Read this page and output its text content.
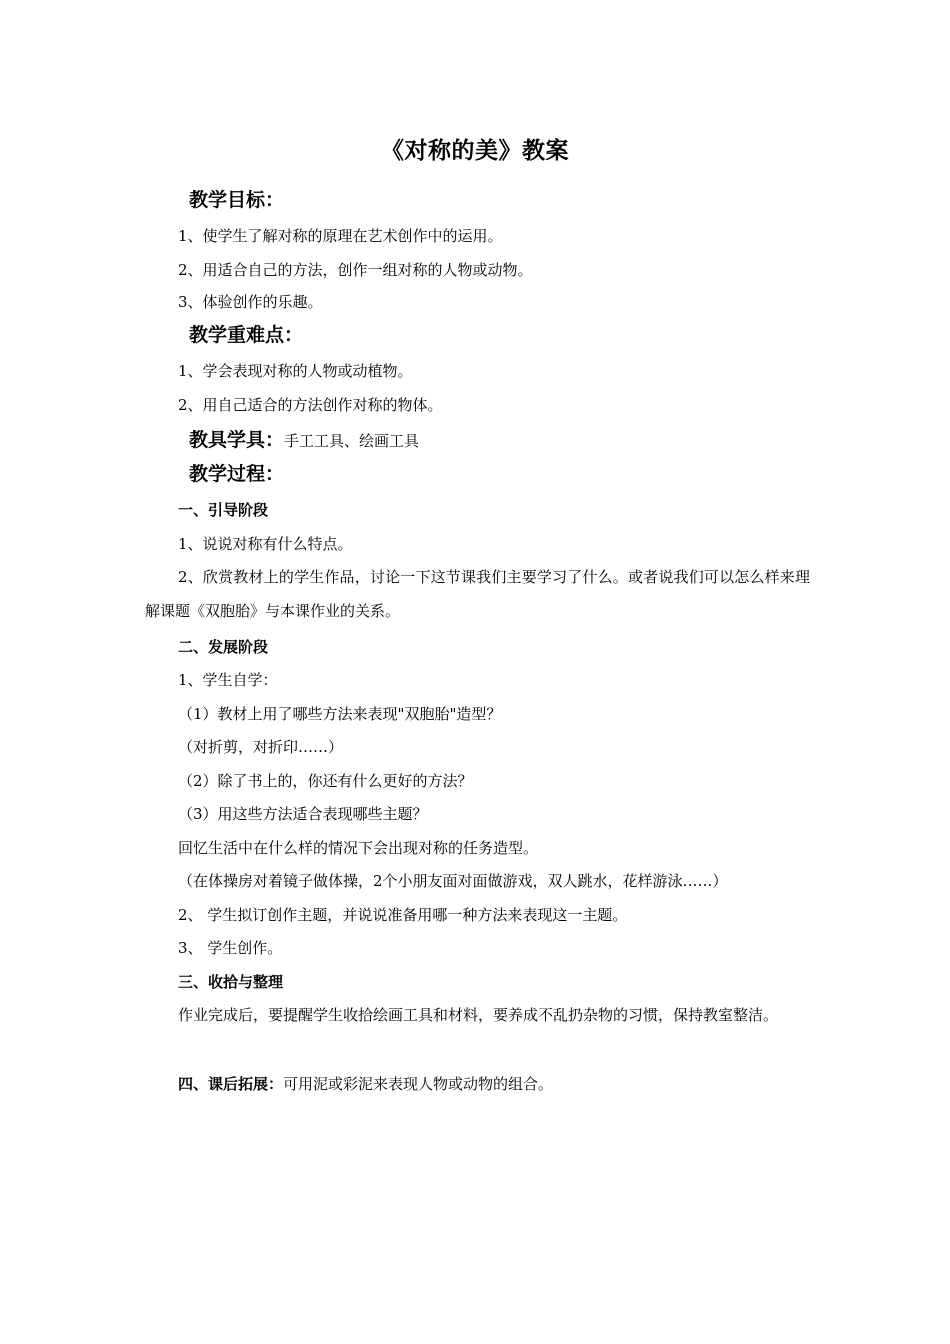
《对称的美》教案
教学目标：
1、使学生了解对称的原理在艺术创作中的运用。
2、用适合自己的方法，创作一组对称的人物或动物。
3、体验创作的乐趣。
教学重难点：
1、学会表现对称的人物或动植物。
2、用自己适合的方法创作对称的物体。
教具学具：手工工具、绘画工具
教学过程：
一、引导阶段
1、说说对称有什么特点。
2、欣赏教材上的学生作品，讨论一下这节课我们主要学习了什么。或者说我们可以怎么样来理解课题《双胞胎》与本课作业的关系。
二、发展阶段
1、学生自学：
（1）教材上用了哪些方法来表现"双胞胎"造型？
（对折剪，对折印……）
（2）除了书上的，你还有什么更好的方法？
（3）用这些方法适合表现哪些主题？
回忆生活中在什么样的情况下会出现对称的任务造型。
（在体操房对着镜子做体操，2个小朋友面对面做游戏，双人跳水，花样游泳……）
2、 学生拟订创作主题，并说说准备用哪一种方法来表现这一主题。
3、 学生创作。
三、收拾与整理
作业完成后，要提醒学生收拾绘画工具和材料，要养成不乱扔杂物的习惯，保持教室整洁。
四、课后拓展：可用泥或彩泥来表现人物或动物的组合。
